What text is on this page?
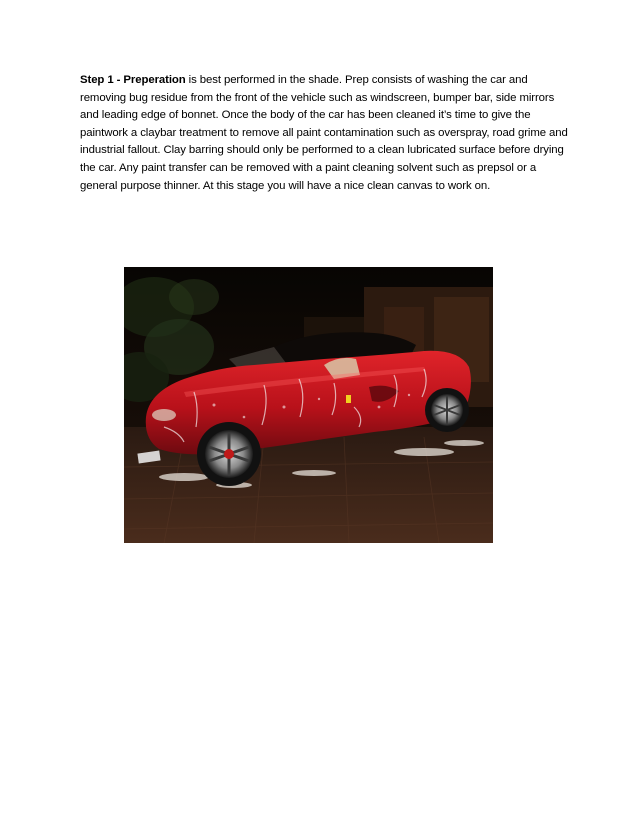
Step 1 - Preperation is best performed in the shade. Prep consists of washing the car and removing bug residue from the front of the vehicle such as windscreen, bumper bar, side mirrors and leading edge of bonnet. Once the body of the car has been cleaned it’s time to give the paintwork a claybar treatment to remove all paint contamination such as overspray, road grime and industrial fallout. Clay barring should only be performed to a clean lubricated surface before drying the car. Any paint transfer can be removed with a paint cleaning solvent such as prepsol or a general purpose thinner. At this stage you will have a nice clean canvas to work on.
